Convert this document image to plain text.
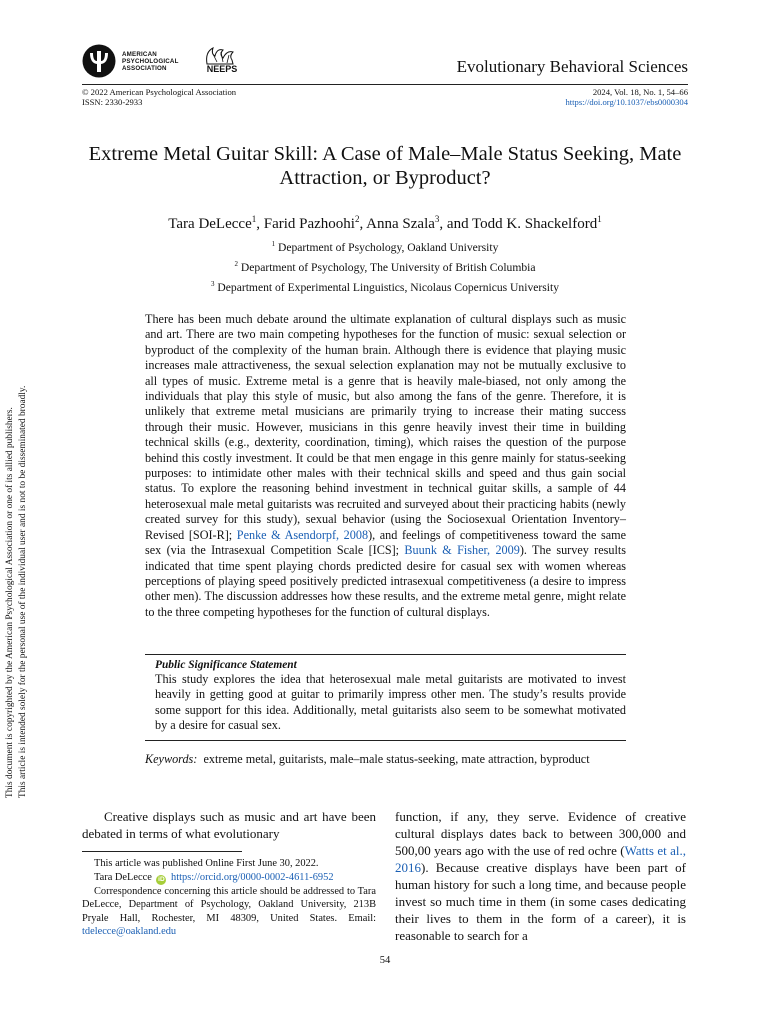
AMERICAN
PSYCHOLOGICAL
ASSOCIATION	NEEPS	Evolutionary Behavioral Sciences
© 2022 American Psychological Association
ISSN: 2330-2933
2024, Vol. 18, No. 1, 54–66
https://doi.org/10.1037/ebs0000304
Extreme Metal Guitar Skill: A Case of Male–Male Status Seeking, Mate Attraction, or Byproduct?
Tara DeLecce$^1$, Farid Pazhoohi$^2$, Anna Szala$^3$, and Todd K. Shackelford$^1$
$^1$ Department of Psychology, Oakland University
$^2$ Department of Psychology, The University of British Columbia
$^3$ Department of Experimental Linguistics, Nicolaus Copernicus University
This document is copyrighted by the American Psychological Association or one of its allied publishers. This article is intended solely for the personal use of the individual user and is not to be disseminated broadly.

There has been much debate around the ultimate explanation of cultural displays such as music and art. There are two main competing hypotheses for the function of music: sexual selection or byproduct of the complexity of the human brain. Although there is evidence that playing music increases male attractiveness, the sexual selection explanation may not be mutually exclusive to all types of music. Extreme metal is a genre that is heavily male-biased, not only among the individuals that play this style of music, but also among the fans of the genre. Therefore, it is unlikely that extreme metal musicians are primarily trying to increase their mating success through their music. However, musicians in this genre heavily invest their time in building technical skills (e.g., dexterity, coordination, timing), which raises the question of the purpose behind this costly investment. It could be that men engage in this genre mainly for status-seeking purposes: to intimidate other males with their technical skills and speed and thus gain social status. To explore the reasoning behind investment in technical guitar skills, a sample of 44 heterosexual male metal guitarists was recruited and surveyed about their practicing habits (newly created survey for this study), sexual behavior (using the Sociosexual Orientation Inventory–Revised [SOI-R]; Penke & Asendorpf, 2008), and feelings of competitiveness toward the same sex (via the Intrasexual Competition Scale [ICS]; Buunk & Fisher, 2009). The survey results indicated that time spent playing chords predicted desire for casual sex with women whereas perceptions of playing speed positively predicted intrasexual competitiveness (a desire to impress other men). The discussion addresses how these results, and the extreme metal genre, might relate to the three competing hypotheses for the function of cultural displays.

Public Significance Statement

This study explores the idea that heterosexual male metal guitarists are motivated to invest heavily in getting good at guitar to primarily impress other men. The study’s results provide some support for this idea. Additionally, metal guitarists also seem to be somewhat motivated by a desire for casual sex.

Keywords: extreme metal, guitarists, male–male status-seeking, mate attraction, byproduct

Creative displays such as music and art have been debated in terms of what evolutionary

This article was published Online First June 30, 2022.

Tara DeLecce iD https://orcid.org/0000-0002-4611-6952

Correspondence concerning this article should be addressed to Tara DeLecce, Department of Psychology, Oakland University, 213B Pryale Hall, Rochester, MI 48309, United States. Email: tdelecce@oakland.edu

function, if any, they serve. Evidence of creative cultural displays dates back to between 300,000 and 500,00 years ago with the use of red ochre (Watts et al., 2016). Because creative displays have been part of human history for such a long time, and because people invest so much time in them (in some cases dedicating their lives to them in the form of a career), it is reasonable to search for a

54
